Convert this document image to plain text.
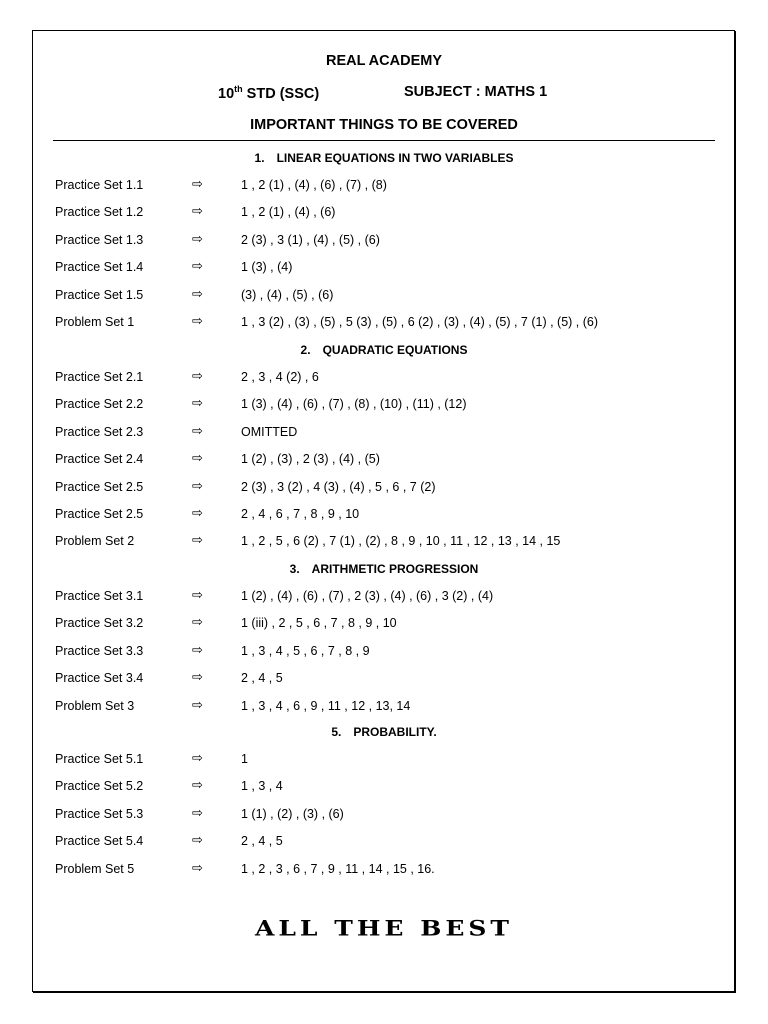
REAL ACADEMY
10th STD (SSC)	SUBJECT : MATHS 1
IMPORTANT THINGS TO BE COVERED
1. LINEAR EQUATIONS IN TWO VARIABLES
Practice Set 1.1	⇨	1 , 2 (1) , (4) , (6) , (7) , (8)
Practice Set 1.2	⇨	1 , 2 (1) , (4) , (6)
Practice Set 1.3	⇨	2 (3) , 3 (1) , (4) , (5) , (6)
Practice Set 1.4	⇨	1 (3) , (4)
Practice Set 1.5	⇨	(3) , (4) , (5) , (6)
Problem Set 1	⇨	1 , 3 (2) , (3) , (5) , 5 (3) , (5) , 6 (2) , (3) , (4) , (5) , 7 (1) , (5) , (6)
2. QUADRATIC EQUATIONS
Practice Set 2.1	⇨	2 , 3 , 4 (2) , 6
Practice Set 2.2	⇨	1 (3) , (4) , (6) , (7) , (8) , (10) , (11) , (12)
Practice Set 2.3	⇨	OMITTED
Practice Set 2.4	⇨	1 (2) , (3) , 2 (3) , (4) , (5)
Practice Set 2.5	⇨	2 (3) , 3 (2) , 4 (3) , (4) , 5 , 6 , 7 (2)
Practice Set 2.5	⇨	2 , 4 , 6 , 7 , 8 , 9 , 10
Problem Set 2	⇨	1 , 2 , 5 , 6 (2) , 7 (1) , (2) , 8 , 9 , 10 , 11 , 12 , 13 , 14 , 15
3. ARITHMETIC PROGRESSION
Practice Set 3.1	⇨	1 (2) , (4) , (6) , (7) , 2 (3) , (4) , (6) , 3 (2) , (4)
Practice Set 3.2	⇨	1 (iii) , 2 , 5 , 6 , 7 , 8 , 9 , 10
Practice Set 3.3	⇨	1 , 3 , 4 , 5 , 6 , 7 , 8 , 9
Practice Set 3.4	⇨	2 , 4 , 5
Problem Set 3	⇨	1 , 3 , 4 , 6 , 9 , 11 , 12 , 13, 14
5. PROBABILITY.
Practice Set 5.1	⇨	1
Practice Set 5.2	⇨	1 , 3 , 4
Practice Set 5.3	⇨	1 (1) , (2) , (3) , (6)
Practice Set 5.4	⇨	2 , 4 , 5
Problem Set 5	⇨	1 , 2 , 3 , 6 , 7 , 9 , 11 , 14 , 15 , 16.
ALL THE BEST
